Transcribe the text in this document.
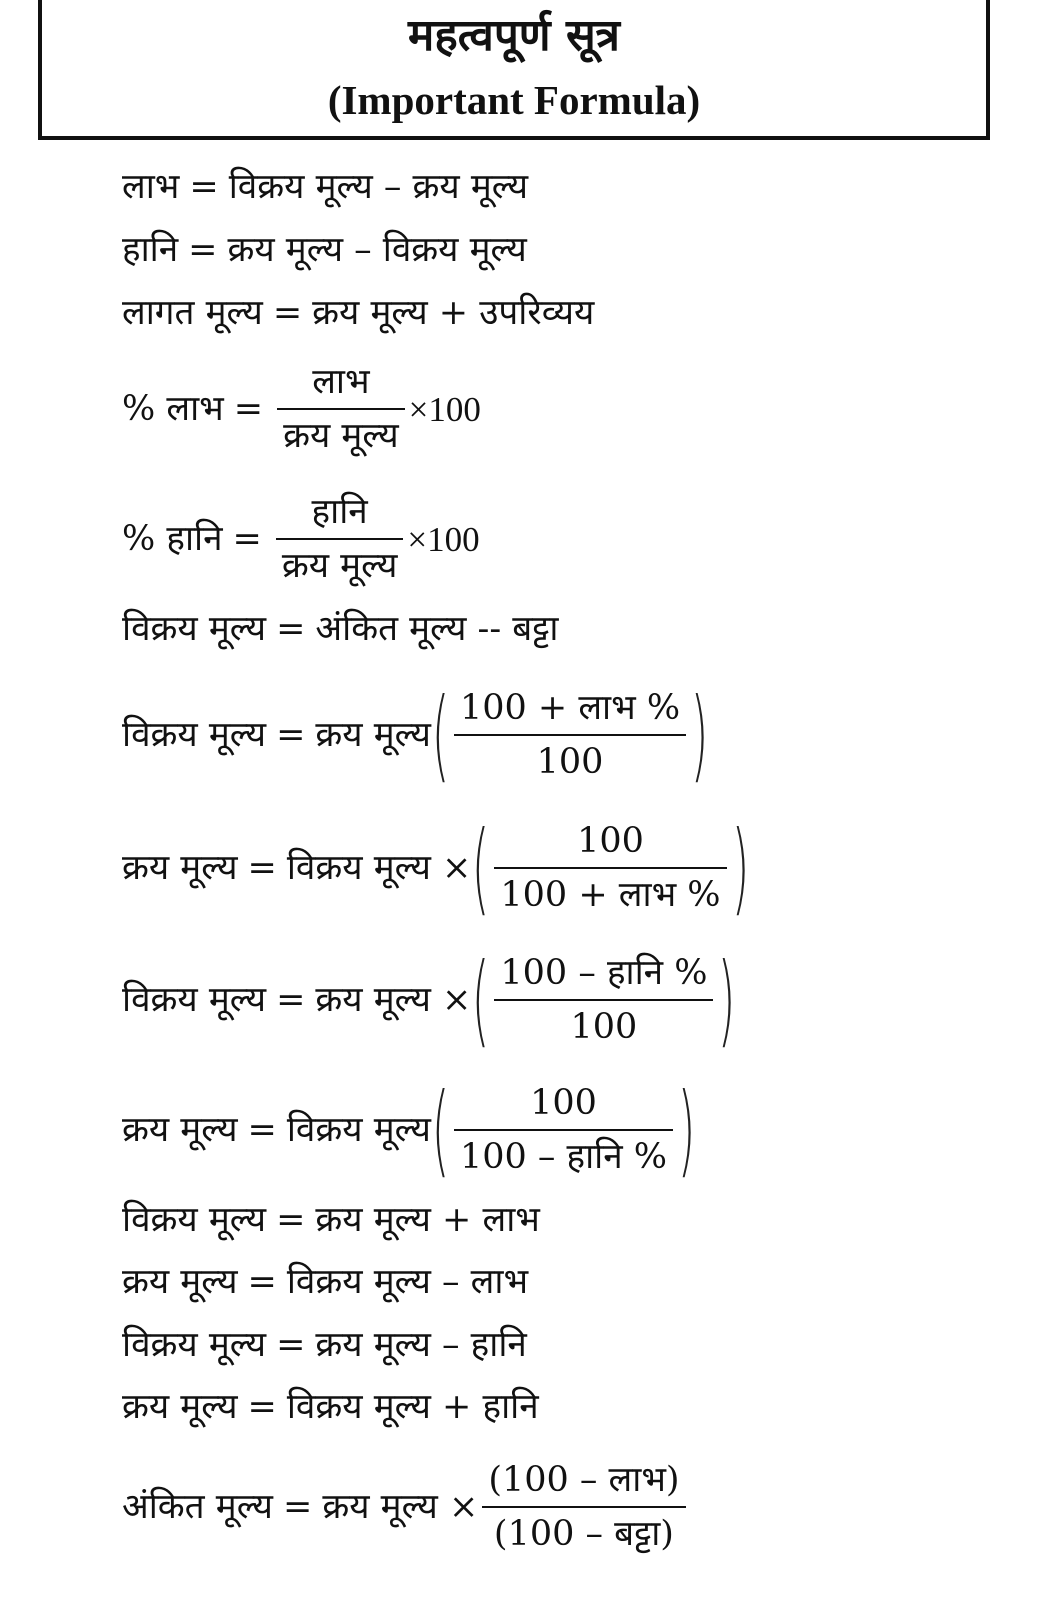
महत्वपूर्ण सूत्र
(Important Formula)
लाभ = विक्रय मूल्य – क्रय मूल्य
हानि = क्रय मूल्य – विक्रय मूल्य
लागत मूल्य = क्रय मूल्य + उपरिव्यय
% लाभ = $\frac{\text{लाभ}}{\text{क्रय मूल्य}} \times 100$
% हानि = $\frac{\text{हानि}}{\text{क्रय मूल्य}} \times 100$
विक्रय मूल्य = अंकित मूल्य -- बट्टा
विक्रय मूल्य = क्रय मूल्य ( $\frac{\text{100 + लाभ \%}}{100}$ )
क्रय मूल्य = विक्रय मूल्य × ( $\frac{100}{\text{100 + लाभ \%}}$ )
विक्रय मूल्य = क्रय मूल्य × ( $\frac{\text{100 – हानि \%}}{100}$ )
क्रय मूल्य = विक्रय मूल्य ( $\frac{100}{\text{100 – हानि \%}}$ )
विक्रय मूल्य = क्रय मूल्य + लाभ
क्रय मूल्य = विक्रय मूल्य – लाभ
विक्रय मूल्य = क्रय मूल्य – हानि
क्रय मूल्य = विक्रय मूल्य + हानि
अंकित मूल्य = क्रय मूल्य × $\frac{\text{(100 – लाभ)}}{\text{(100 – बट्टा)}}$
